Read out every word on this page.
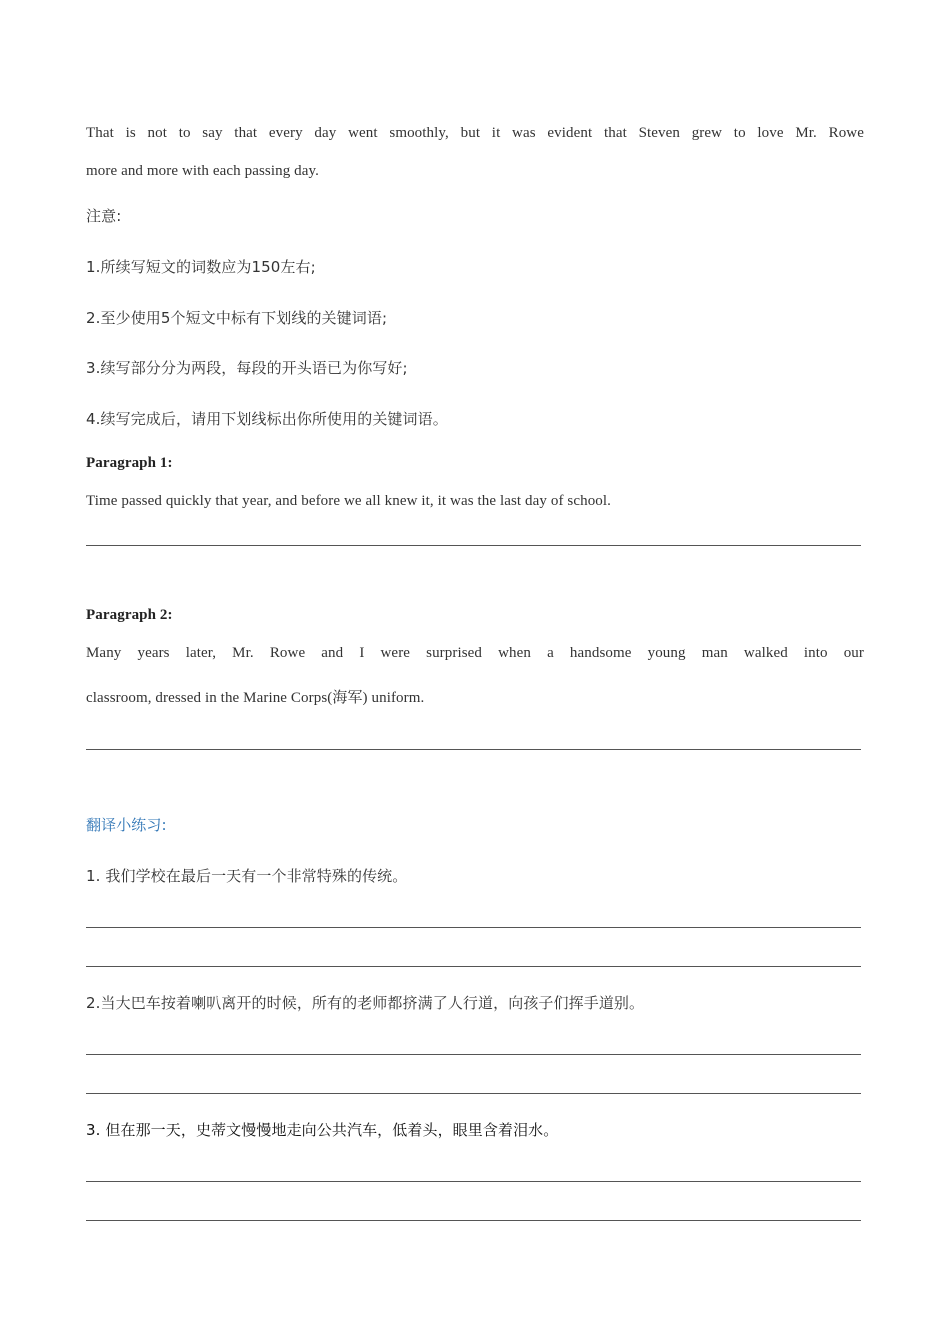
That is not to say that every day went smoothly, but it was evident that Steven grew to love Mr. Rowe
more and more with each passing day.
注意:
1.所续写短文的词数应为150左右;
2.至少使用5个短文中标有下划线的关键词语;
3.续写部分分为两段，每段的开头语已为你写好;
4.续写完成后，请用下划线标出你所使用的关键词语。
Paragraph 1:
Time passed quickly that year, and before we all knew it, it was the last day of school.
Paragraph 2:
Many years later, Mr. Rowe and I were surprised when a handsome young man walked into our
classroom, dressed in the Marine Corps(海军) uniform.
翻译小练习:
1. 我们学校在最后一天有一个非常特殊的传统。
2.当大巴车按着喇叭离开的时候，所有的老师都挤满了人行道，向孩子们挥手道别。
3. 但在那一天，史蒂文慢慢地走向公共汽车，低着头，眼里含着泪水。
